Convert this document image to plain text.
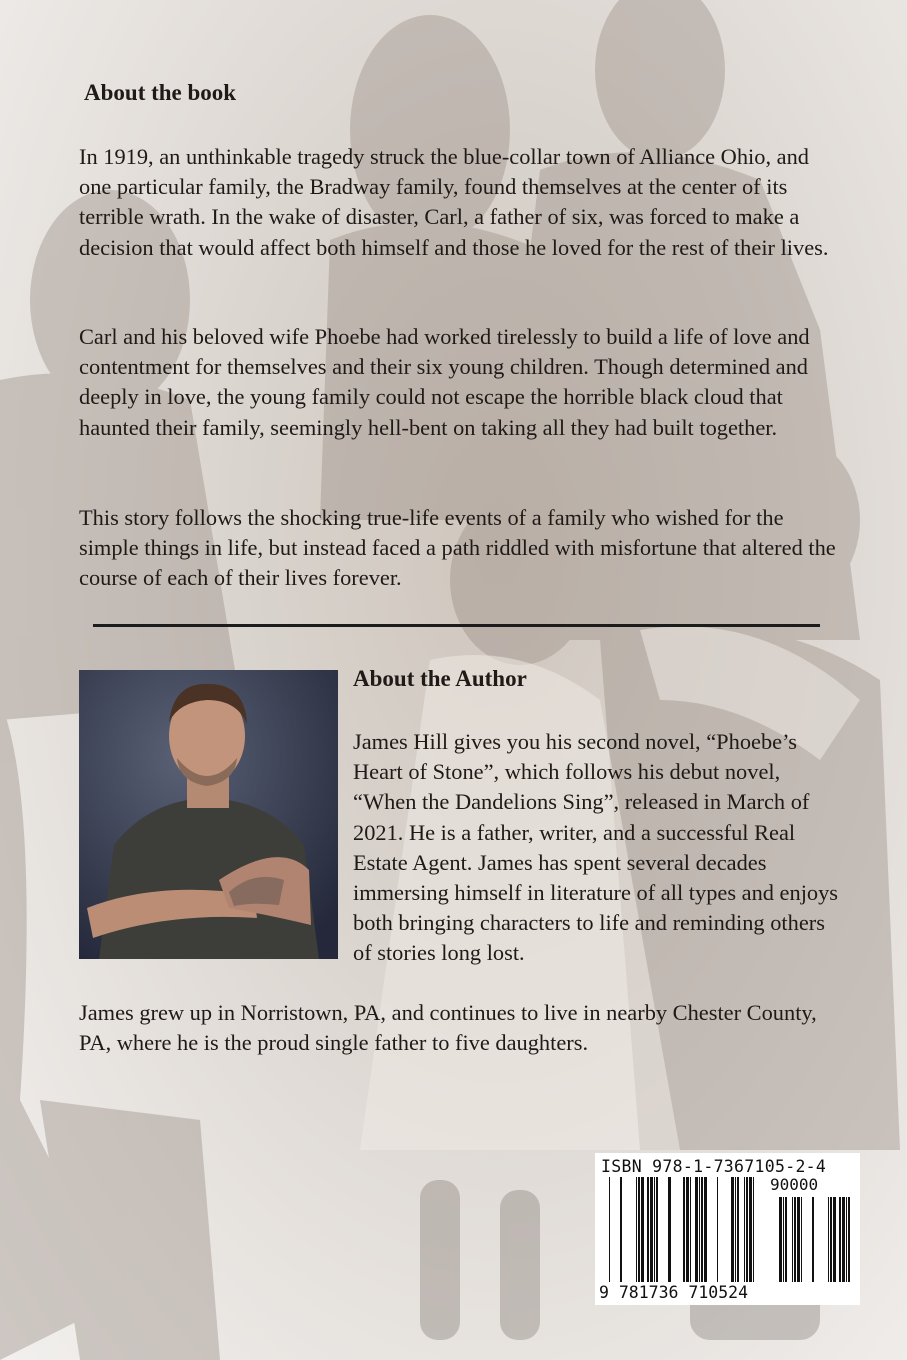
About the book

In 1919, an unthinkable tragedy struck the blue-collar town of Alliance Ohio, and one particular family, the Bradway family, found themselves at the center of its terrible wrath. In the wake of disaster, Carl, a father of six, was forced to make a decision that would affect both himself and those he loved for the rest of their lives.

Carl and his beloved wife Phoebe had worked tirelessly to build a life of love and contentment for themselves and their six young children. Though determined and deeply in love, the young family could not escape the horrible black cloud that haunted their family, seemingly hell-bent on taking all they had built together.

This story follows the shocking true-life events of a family who wished for the simple things in life, but instead faced a path riddled with misfortune that altered the course of each of their lives forever.

About the Author

James Hill gives you his second novel, “Phoebe’s Heart of Stone”, which follows his debut novel, “When the Dandelions Sing”, released in March of 2021. He is a father, writer, and a successful Real Estate Agent. James has spent several decades immersing himself in literature of all types and enjoys both bringing characters to life and reminding others of stories long lost.

James grew up in Norristown, PA, and continues to live in nearby Chester County, PA, where he is the proud single father to five daughters.

ISBN 978-1-7367105-2-4

90000

9 781736 710524
